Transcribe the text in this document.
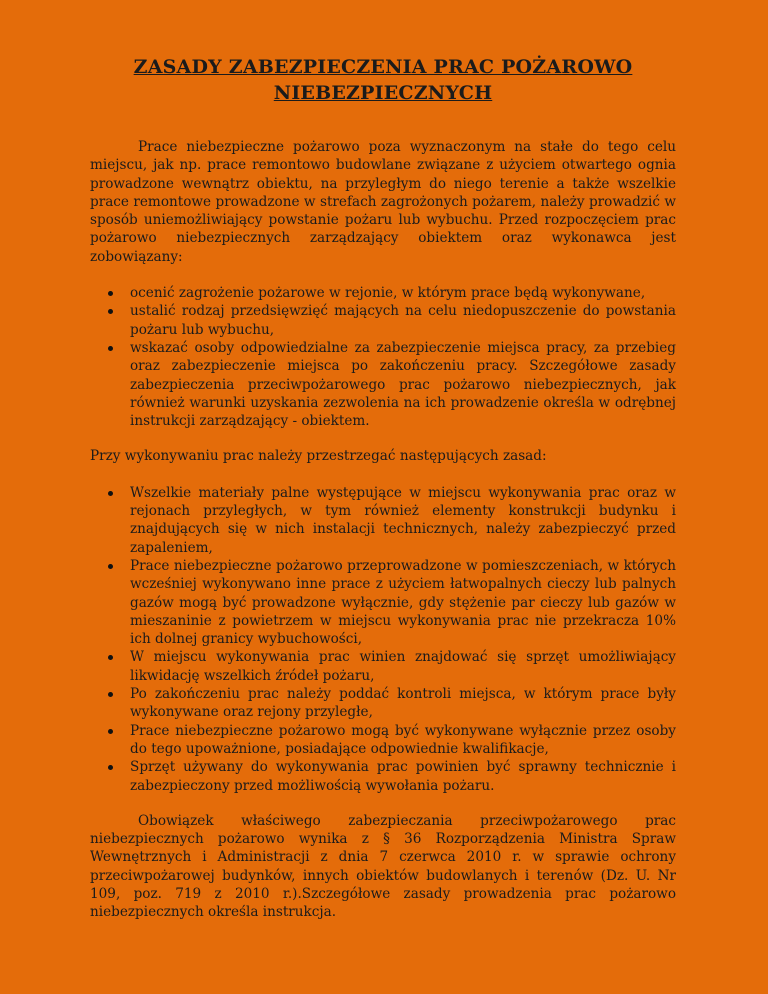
ZASADY ZABEZPIECZENIA PRAC POŻAROWO NIEBEZPIECZNYCH

Prace niebezpieczne pożarowo poza wyznaczonym na stałe do tego celu miejscu, jak np. prace remontowo budowlane związane z użyciem otwartego ognia prowadzone wewnątrz obiektu, na przyległym do niego terenie a także wszelkie prace remontowe prowadzone w strefach zagrożonych pożarem, należy prowadzić w sposób uniemożliwiający powstanie pożaru lub wybuchu. Przed rozpoczęciem prac pożarowo niebezpiecznych zarządzający obiektem oraz wykonawca jest zobowiązany:

ocenić zagrożenie pożarowe w rejonie, w którym prace będą wykonywane,
ustalić rodzaj przedsięwzięć mających na celu niedopuszczenie do powstania pożaru lub wybuchu,
wskazać osoby odpowiedzialne za zabezpieczenie miejsca pracy, za przebieg oraz zabezpieczenie miejsca po zakończeniu pracy. Szczegółowe zasady zabezpieczenia przeciwpożarowego prac pożarowo niebezpiecznych, jak również warunki uzyskania zezwolenia na ich prowadzenie określa w odrębnej instrukcji zarządzający - obiektem.

Przy wykonywaniu prac należy przestrzegać następujących zasad:

Wszelkie materiały palne występujące w miejscu wykonywania prac oraz w rejonach przyległych, w tym również elementy konstrukcji budynku i znajdujących się w nich instalacji technicznych, należy zabezpieczyć przed zapaleniem,
Prace niebezpieczne pożarowo przeprowadzone w pomieszczeniach, w których wcześniej wykonywano inne prace z użyciem łatwopalnych cieczy lub palnych gazów mogą być prowadzone wyłącznie, gdy stężenie par cieczy lub gazów w mieszaninie z powietrzem w miejscu wykonywania prac nie przekracza 10% ich dolnej granicy wybuchowości,
W miejscu wykonywania prac winien znajdować się sprzęt umożliwiający likwidację wszelkich źródeł pożaru,
Po zakończeniu prac należy poddać kontroli miejsca, w którym prace były wykonywane oraz rejony przyległe,
Prace niebezpieczne pożarowo mogą być wykonywane wyłącznie przez osoby do tego upoważnione, posiadające odpowiednie kwalifikacje,
Sprzęt używany do wykonywania prac powinien być sprawny technicznie i zabezpieczony przed możliwością wywołania pożaru.

Obowiązek właściwego zabezpieczania przeciwpożarowego prac niebezpiecznych pożarowo wynika z § 36 Rozporządzenia Ministra Spraw Wewnętrznych i Administracji z dnia 7 czerwca 2010 r. w sprawie ochrony przeciwpożarowej budynków, innych obiektów budowlanych i terenów (Dz. U. Nr 109, poz. 719 z 2010 r.).Szczegółowe zasady prowadzenia prac pożarowo niebezpiecznych określa instrukcja.
